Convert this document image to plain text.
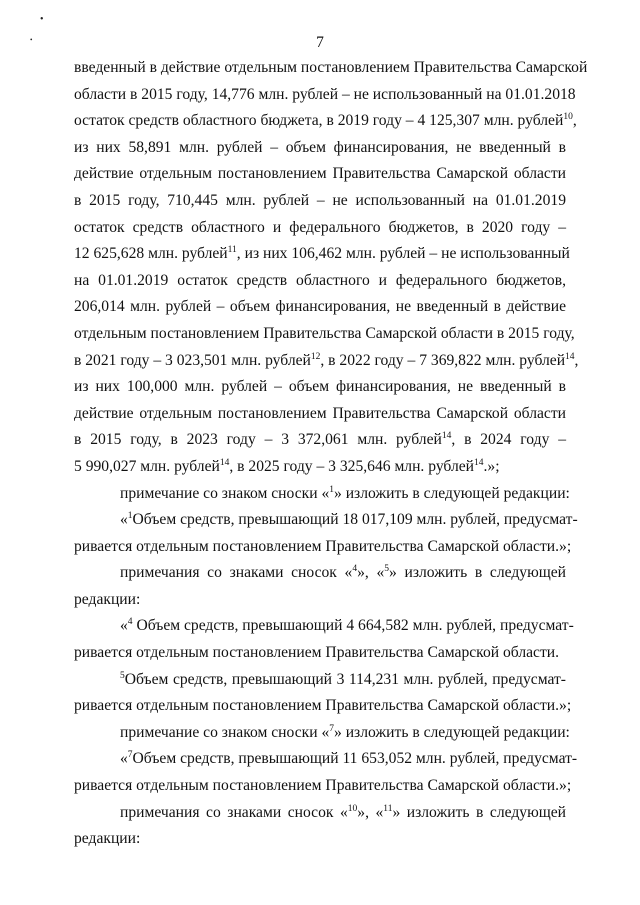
7
•
•
введенный в действие отдельным постановлением Правительства Самарской
области в 2015 году, 14,776 млн. рублей – не использованный на 01.01.2018
остаток средств областного бюджета, в 2019 году – 4 125,307 млн. рублей$^{10}$,
из них 58,891 млн. рублей – объем финансирования, не введенный в
действие отдельным постановлением Правительства Самарской области
в 2015 году, 710,445 млн. рублей – не использованный на 01.01.2019
остаток средств областного и федерального бюджетов, в 2020 году –
12 625,628 млн. рублей$^{11}$, из них 106,462 млн. рублей – не использованный
на 01.01.2019 остаток средств областного и федерального бюджетов,
206,014 млн. рублей – объем финансирования, не введенный в действие
отдельным постановлением Правительства Самарской области в 2015 году,
в 2021 году – 3 023,501 млн. рублей$^{12}$, в 2022 году – 7 369,822 млн. рублей$^{14}$,
из них 100,000 млн. рублей – объем финансирования, не введенный в
действие отдельным постановлением Правительства Самарской области
в 2015 году, в 2023 году – 3 372,061 млн. рублей$^{14}$, в 2024 году –
5 990,027 млн. рублей$^{14}$, в 2025 году – 3 325,646 млн. рублей$^{14}$.»;
примечание со знаком сноски «$^1$» изложить в следующей редакции:
«$^1$Объем средств, превышающий 18 017,109 млн. рублей, предусмат-
ривается отдельным постановлением Правительства Самарской области.»;
примечания со знаками сносок «$^4$», «$^5$» изложить в следующей
редакции:
«$^4$ Объем средств, превышающий 4 664,582 млн. рублей, предусмат-
ривается отдельным постановлением Правительства Самарской области.
$^5$Объем средств, превышающий 3 114,231 млн. рублей, предусмат-
ривается отдельным постановлением Правительства Самарской области.»;
примечание со знаком сноски «$^7$» изложить в следующей редакции:
«$^7$Объем средств, превышающий 11 653,052 млн. рублей, предусмат-
ривается отдельным постановлением Правительства Самарской области.»;
примечания со знаками сносок «$^{10}$», «$^{11}$» изложить в следующей
редакции:
